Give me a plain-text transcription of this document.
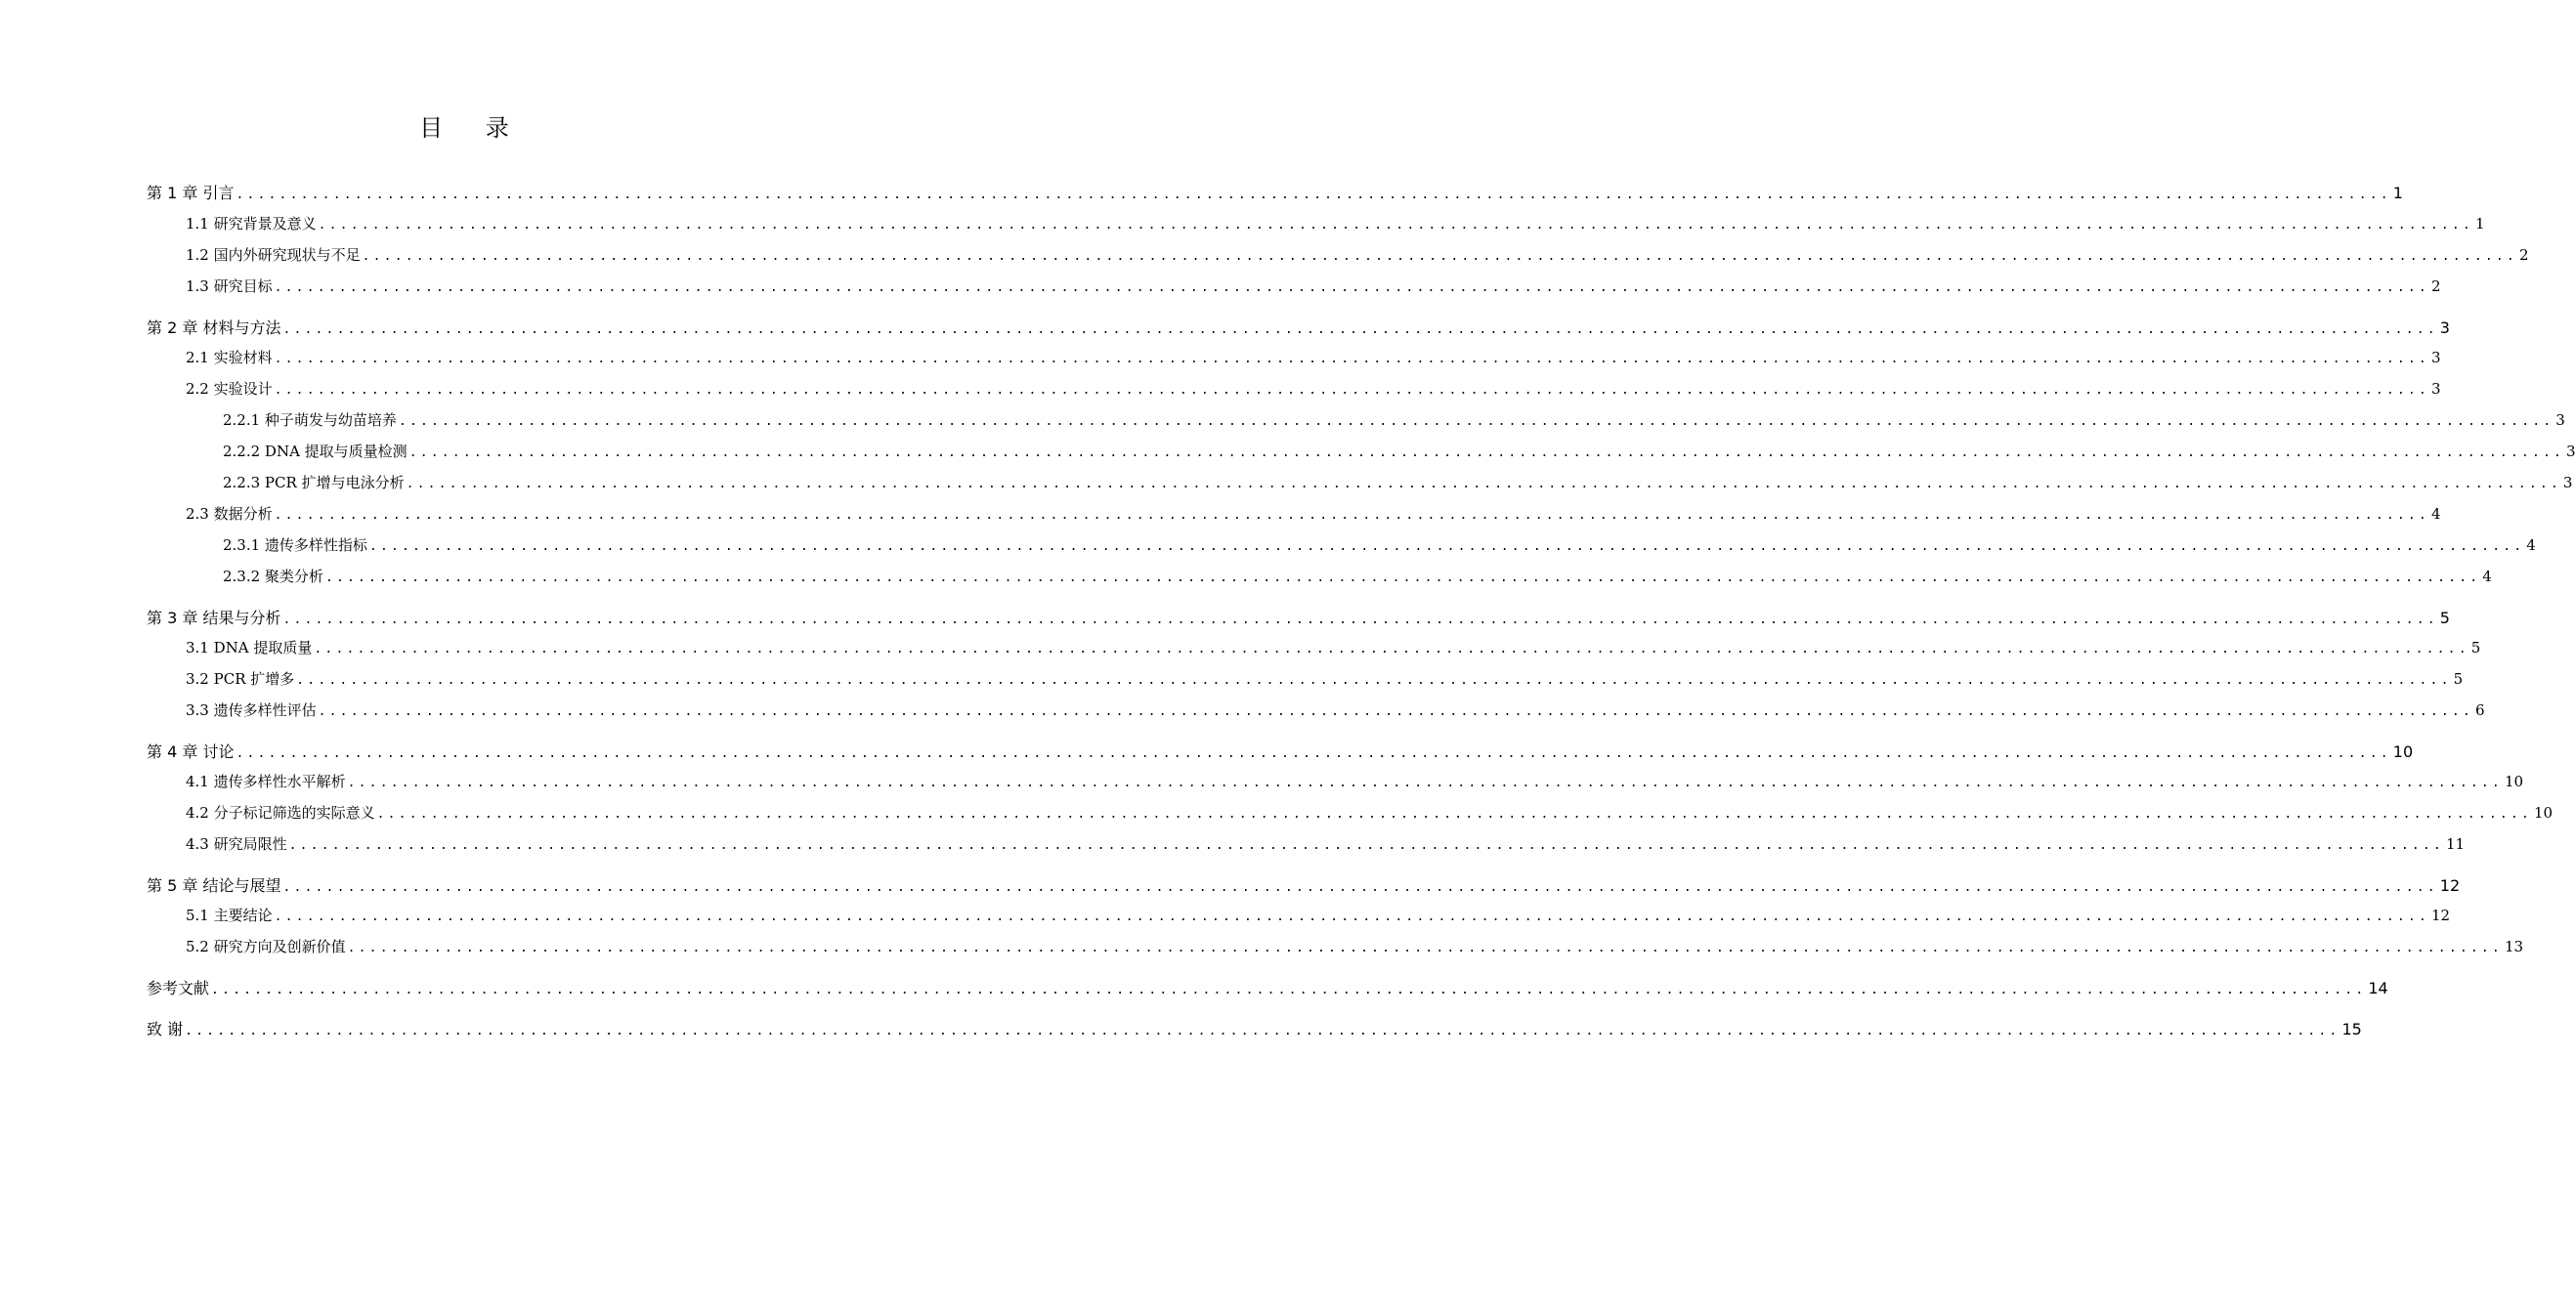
目 录
第 1 章 引言 ........................................................................................................................................................................................................ 1
1.1 研究背景及意义 ........................................................................................................................................................................................................ 1
1.2 国内外研究现状与不足 ........................................................................................................................................................................................................ 2
1.3 研究目标 ........................................................................................................................................................................................................ 2
第 2 章 材料与方法 ........................................................................................................................................................................................................ 3
2.1 实验材料 ........................................................................................................................................................................................................ 3
2.2 实验设计 ........................................................................................................................................................................................................ 3
2.2.1 种子萌发与幼苗培养 ........................................................................................................................................................................................................ 3
2.2.2 DNA 提取与质量检测 ........................................................................................................................................................................................................ 3
2.2.3 PCR 扩增与电泳分析 ........................................................................................................................................................................................................ 3
2.3 数据分析 ........................................................................................................................................................................................................ 4
2.3.1 遗传多样性指标 ........................................................................................................................................................................................................ 4
2.3.2 聚类分析 ........................................................................................................................................................................................................ 4
第 3 章 结果与分析 ........................................................................................................................................................................................................ 5
3.1 DNA 提取质量 ........................................................................................................................................................................................................ 5
3.2 PCR 扩增多 ........................................................................................................................................................................................................ 5
3.3 遗传多样性评估 ........................................................................................................................................................................................................ 6
第 4 章 讨论 ........................................................................................................................................................................................................ 10
4.1 遗传多样性水平解析 ........................................................................................................................................................................................................ 10
4.2 分子标记筛选的实际意义 ........................................................................................................................................................................................................ 10
4.3 研究局限性 ........................................................................................................................................................................................................ 11
第 5 章 结论与展望 ........................................................................................................................................................................................................ 12
5.1 主要结论 ........................................................................................................................................................................................................ 12
5.2 研究方向及创新价值 ........................................................................................................................................................................................................ 13
参考文献 ........................................................................................................................................................................................................ 14
致 谢 ........................................................................................................................................................................................................ 15
